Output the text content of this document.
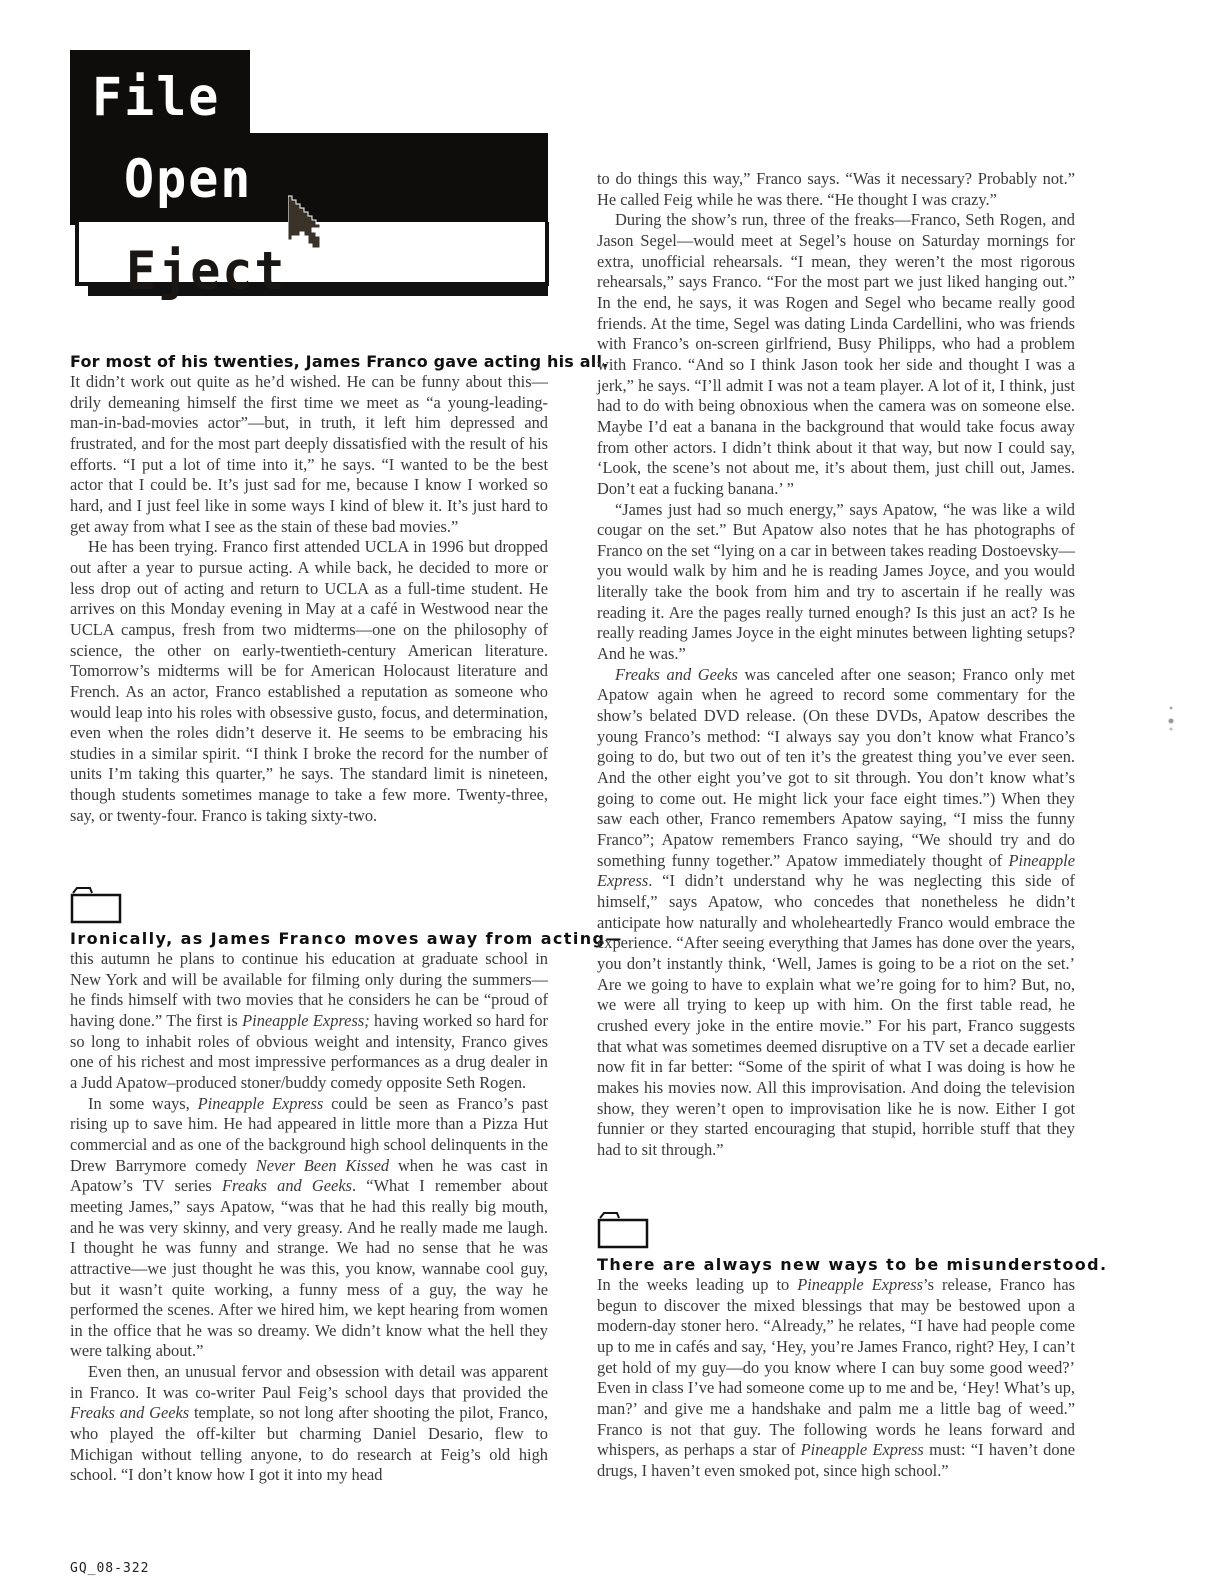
File
Open
Eject
For most of his twenties, James Franco gave acting his all.

It didn’t work out quite as he’d wished. He can be funny about this—drily demeaning himself the first time we meet as “a young-leading-man-in-bad-movies actor”—but, in truth, it left him depressed and frustrated, and for the most part deeply dissatisfied with the result of his efforts. “I put a lot of time into it,” he says. “I wanted to be the best actor that I could be. It’s just sad for me, because I know I worked so hard, and I just feel like in some ways I kind of blew it. It’s just hard to get away from what I see as the stain of these bad movies.”

He has been trying. Franco first attended UCLA in 1996 but dropped out after a year to pursue acting. A while back, he decided to more or less drop out of acting and return to UCLA as a full-time student. He arrives on this Monday evening in May at a café in Westwood near the UCLA campus, fresh from two midterms—one on the philosophy of science, the other on early-twentieth-century American literature. Tomorrow’s midterms will be for American Holocaust literature and French. As an actor, Franco established a reputation as someone who would leap into his roles with obsessive gusto, focus, and determination, even when the roles didn’t deserve it. He seems to be embracing his studies in a similar spirit. “I think I broke the record for the number of units I’m taking this quarter,” he says. The standard limit is nineteen, though students sometimes manage to take a few more. Twenty-three, say, or twenty-four. Franco is taking sixty-two.

Ironically, as James Franco moves away from acting—

this autumn he plans to continue his education at graduate school in New York and will be available for filming only during the summers—he finds himself with two movies that he considers he can be “proud of having done.” The first is Pineapple Express; having worked so hard for so long to inhabit roles of obvious weight and intensity, Franco gives one of his richest and most impressive performances as a drug dealer in a Judd Apatow–produced stoner/buddy comedy opposite Seth Rogen.

In some ways, Pineapple Express could be seen as Franco’s past rising up to save him. He had appeared in little more than a Pizza Hut commercial and as one of the background high school delinquents in the Drew Barrymore comedy Never Been Kissed when he was cast in Apatow’s TV series Freaks and Geeks. “What I remember about meeting James,” says Apatow, “was that he had this really big mouth, and he was very skinny, and very greasy. And he really made me laugh. I thought he was funny and strange. We had no sense that he was attractive—we just thought he was this, you know, wannabe cool guy, but it wasn’t quite working, a funny mess of a guy, the way he performed the scenes. After we hired him, we kept hearing from women in the office that he was so dreamy. We didn’t know what the hell they were talking about.”

Even then, an unusual fervor and obsession with detail was apparent in Franco. It was co-writer Paul Feig’s school days that provided the Freaks and Geeks template, so not long after shooting the pilot, Franco, who played the off-kilter but charming Daniel Desario, flew to Michigan without telling anyone, to do research at Feig’s old high school. “I don’t know how I got it into my head

to do things this way,” Franco says. “Was it necessary? Probably not.” He called Feig while he was there. “He thought I was crazy.”

During the show’s run, three of the freaks—Franco, Seth Rogen, and Jason Segel—would meet at Segel’s house on Saturday mornings for extra, unofficial rehearsals. “I mean, they weren’t the most rigorous rehearsals,” says Franco. “For the most part we just liked hanging out.” In the end, he says, it was Rogen and Segel who became really good friends. At the time, Segel was dating Linda Cardellini, who was friends with Franco’s on-screen girlfriend, Busy Philipps, who had a problem with Franco. “And so I think Jason took her side and thought I was a jerk,” he says. “I’ll admit I was not a team player. A lot of it, I think, just had to do with being obnoxious when the camera was on someone else. Maybe I’d eat a banana in the background that would take focus away from other actors. I didn’t think about it that way, but now I could say, ‘Look, the scene’s not about me, it’s about them, just chill out, James. Don’t eat a fucking banana.’ ”

“James just had so much energy,” says Apatow, “he was like a wild cougar on the set.” But Apatow also notes that he has photographs of Franco on the set “lying on a car in between takes reading Dostoevsky—you would walk by him and he is reading James Joyce, and you would literally take the book from him and try to ascertain if he really was reading it. Are the pages really turned enough? Is this just an act? Is he really reading James Joyce in the eight minutes between lighting setups? And he was.”

Freaks and Geeks was canceled after one season; Franco only met Apatow again when he agreed to record some commentary for the show’s belated DVD release. (On these DVDs, Apatow describes the young Franco’s method: “I always say you don’t know what Franco’s going to do, but two out of ten it’s the greatest thing you’ve ever seen. And the other eight you’ve got to sit through. You don’t know what’s going to come out. He might lick your face eight times.”) When they saw each other, Franco remembers Apatow saying, “I miss the funny Franco”; Apatow remembers Franco saying, “We should try and do something funny together.” Apatow immediately thought of Pineapple Express. “I didn’t understand why he was neglecting this side of himself,” says Apatow, who concedes that nonetheless he didn’t anticipate how naturally and wholeheartedly Franco would embrace the experience. “After seeing everything that James has done over the years, you don’t instantly think, ‘Well, James is going to be a riot on the set.’ Are we going to have to explain what we’re going for to him? But, no, we were all trying to keep up with him. On the first table read, he crushed every joke in the entire movie.” For his part, Franco suggests that what was sometimes deemed disruptive on a TV set a decade earlier now fit in far better: “Some of the spirit of what I was doing is how he makes his movies now. All this improvisation. And doing the television show, they weren’t open to improvisation like he is now. Either I got funnier or they started encouraging that stupid, horrible stuff that they had to sit through.”

There are always new ways to be misunderstood.

In the weeks leading up to Pineapple Express’s release, Franco has begun to discover the mixed blessings that may be bestowed upon a modern-day stoner hero. “Already,” he relates, “I have had people come up to me in cafés and say, ‘Hey, you’re James Franco, right? Hey, I can’t get hold of my guy—do you know where I can buy some good weed?’ Even in class I’ve had someone come up to me and be, ‘Hey! What’s up, man?’ and give me a handshake and palm me a little bag of weed.” Franco is not that guy. The following words he leans forward and whispers, as perhaps a star of Pineapple Express must: “I haven’t done drugs, I haven’t even smoked pot, since high school.”

GQ_08-322
